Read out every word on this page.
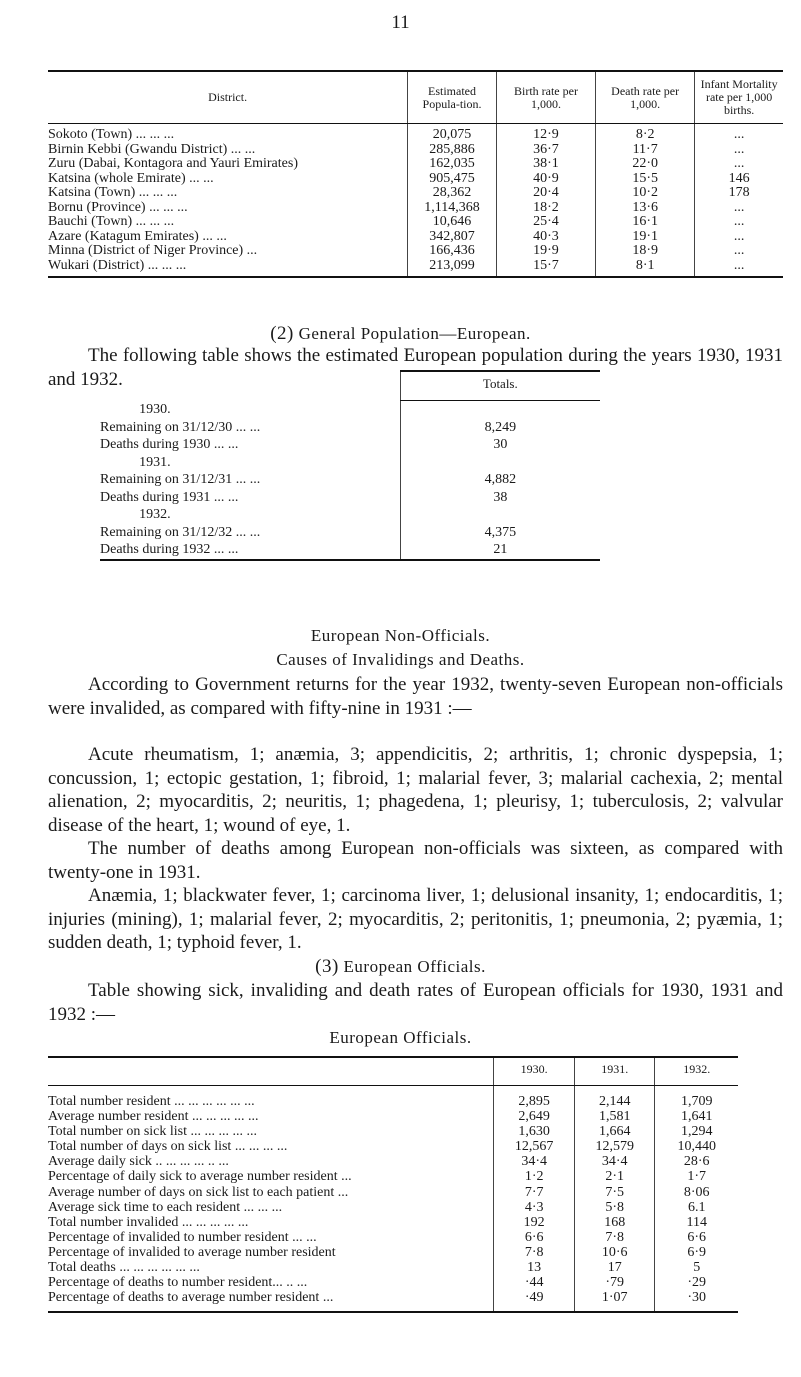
11
District.	Estimated Popula-tion.	Birth rate per 1,000.	Death rate per 1,000.	Infant Mortality rate per 1,000 births.
Sokoto (Town) ... ... ...	20,075	12·9	8·2	...
Birnin Kebbi (Gwandu District) ... ...	285,886	36·7	11·7	...
Zuru (Dabai, Kontagora and Yauri Emirates)	162,035	38·1	22·0	...
Katsina (whole Emirate) ... ...	905,475	40·9	15·5	146
Katsina (Town) ... ... ...	28,362	20·4	10·2	178
Bornu (Province) ... ... ...	1,114,368	18·2	13·6	...
Bauchi (Town) ... ... ...	10,646	25·4	16·1	...
Azare (Katagum Emirates) ... ...	342,807	40·3	19·1	...
Minna (District of Niger Province) ...	166,436	19·9	18·9	...
Wukari (District) ... ... ...	213,099	15·7	8·1	...
(2) General Population—European.
The following table shows the estimated European population during the years 1930, 1931 and 1932.
		Totals.
1930.	
Remaining on 31/12/30 ... ...	8,249
Deaths during 1930 ... ...	30
1931.	
Remaining on 31/12/31 ... ...	4,882
Deaths during 1931 ... ...	38
1932.	
Remaining on 31/12/32 ... ...	4,375
Deaths during 1932 ... ...	21
European Non-Officials.
Causes of Invalidings and Deaths.
According to Government returns for the year 1932, twenty-seven European non-officials were invalided, as compared with fifty-nine in 1931 :—
Acute rheumatism, 1; anæmia, 3; appendicitis, 2; arthritis, 1; chronic dyspepsia, 1; concussion, 1; ectopic gestation, 1; fibroid, 1; malarial fever, 3; malarial cachexia, 2; mental alienation, 2; myocarditis, 2; neuritis, 1; phagedena, 1; pleurisy, 1; tuberculosis, 2; valvular disease of the heart, 1; wound of eye, 1.
The number of deaths among European non-officials was sixteen, as compared with twenty-one in 1931.
Anæmia, 1; blackwater fever, 1; carcinoma liver, 1; delusional insanity, 1; endocarditis, 1; injuries (mining), 1; malarial fever, 2; myocarditis, 2; peritonitis, 1; pneumonia, 2; pyæmia, 1; sudden death, 1; typhoid fever, 1.
(3) European Officials.
Table showing sick, invaliding and death rates of European officials for 1930, 1931 and 1932 :—
European Officials.
	1930.	1931.	1932.
Total number resident ... ... ... ... ... ...	2,895	2,144	1,709
Average number resident ... ... ... ... ...	2,649	1,581	1,641
Total number on sick list ... ... ... ... ...	1,630	1,664	1,294
Total number of days on sick list ... ... ... ...	12,567	12,579	10,440
Average daily sick .. ... ... ... .. ...	34·4	34·4	28·6
Percentage of daily sick to average number resident ...	1·2	2·1	1·7
Average number of days on sick list to each patient ...	7·7	7·5	8·06
Average sick time to each resident ... ... ...	4·3	5·8	6.1
Total number invalided ... ... ... ... ...	192	168	114
Percentage of invalided to number resident ... ...	6·6	7·8	6·6
Percentage of invalided to average number resident	7·8	10·6	6·9
Total deaths ... ... ... ... ... ...	13	17	5
Percentage of deaths to number resident... .. ...	·44	·79	·29
Percentage of deaths to average number resident ...	·49	1·07	·30
